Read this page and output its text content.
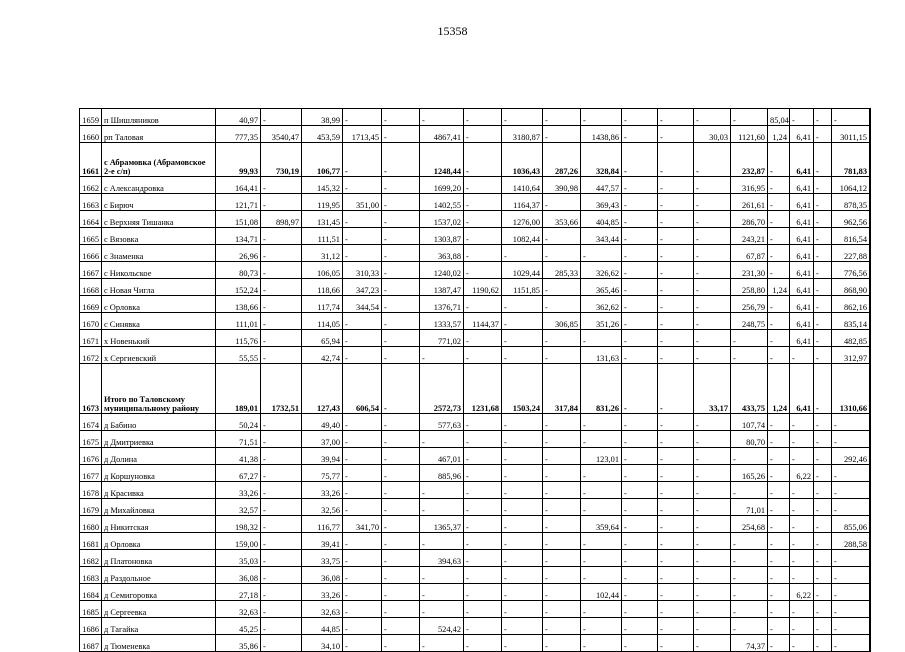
15358
1659	п Шишляников	40,97	-	38,99	-	-	-	-	-	-	-	-	-	-	-	85,04	-	-	-	
1660	рп Таловая	777,35	3540,47	453,59	1713,45	-	4867,41	-	3180,87	-	1438,86	-	-	30,03	1121,60	1,24	6,41	-	3011,15	
1661	с Абрамовка (Абрамовское 2-е с/п)	99,93	730,19	106,77	-	-	1248,44	-	1036,43	287,26	328,84	-	-	-	232,87	-	6,41	-	781,83	
1662	с Александровка	164,41	-	145,32	-	-	1699,20	-	1410,64	390,98	447,57	-	-	-	316,95	-	6,41	-	1064,12	
1663	с Бирюч	121,71	-	119,95	351,00	-	1402,55	-	1164,37	-	369,43	-	-	-	261,61	-	6,41	-	878,35	
1664	с Верхняя Тишанка	151,08	898,97	131,45	-	-	1537,02	-	1276,00	353,66	404,85	-	-	-	286,70	-	6,41	-	962,56	
1665	с Вязовка	134,71	-	111,51	-	-	1303,87	-	1082,44	-	343,44	-	-	-	243,21	-	6,41	-	816,54	
1666	с Знаменка	26,96	-	31,12	-	-	363,88	-	-	-	-	-	-	-	67,87	-	6,41	-	227,88	
1667	с Никольское	80,73	-	106,05	310,33	-	1240,02	-	1029,44	285,33	326,62	-	-	-	231,30	-	6,41	-	776,56	
1668	с Новая Чигла	152,24	-	118,66	347,23	-	1387,47	1190,62	1151,85	-	365,46	-	-	-	258,80	1,24	6,41	-	868,90	
1669	с Орловка	138,66	-	117,74	344,54	-	1376,71	-	-	-	362,62	-	-	-	256,79	-	6,41	-	862,16	
1670	с Синявка	111,01	-	114,05	-	-	1333,57	1144,37	-	306,85	351,26	-	-	-	248,75	-	6,41	-	835,14	
1671	х Новенький	115,76	-	65,94	-	-	771,02	-	-	-	-	-	-	-	-	-	6,41	-	482,85	
1672	х Сергиевский	55,55	-	42,74	-	-	-	-	-	-	131,63	-	-	-	-	-	-	-	312,97	
1673	Итого по Таловскому муниципальному району	189,01	1732,51	127,43	606,54	-	2572,73	1231,68	1503,24	317,84	831,26	-	-	33,17	433,75	1,24	6,41	-	1310,66	
1674	д Бабино	50,24	-	49,40	-	-	577,63	-	-	-	-	-	-	-	107,74	-	-	-	-	
1675	д Дмитриевка	71,51	-	37,00	-	-	-	-	-	-	-	-	-	-	80,70	-	-	-	-	
1676	д Долина	41,38	-	39,94	-	-	467,01	-	-	-	123,01	-	-	-	-	-	-	-	292,46	
1677	д Коршуновка	67,27	-	75,77	-	-	885,96	-	-	-	-	-	-	-	165,26	-	6,22	-	-	
1678	д Красивка	33,26	-	33,26	-	-	-	-	-	-	-	-	-	-	-	-	-	-	-	
1679	д Михайловка	32,57	-	32,56	-	-	-	-	-	-	-	-	-	-	71,01	-	-	-	-	
1680	д Никитская	198,32	-	116,77	341,70	-	1365,37	-	-	-	359,64	-	-	-	254,68	-	-	-	855,06	
1681	д Орловка	159,00	-	39,41	-	-	-	-	-	-	-	-	-	-	-	-	-	-	288,58	
1682	д Платоновка	35,03	-	33,75	-	-	394,63	-	-	-	-	-	-	-	-	-	-	-	-	
1683	д Раздольное	36,08	-	36,08	-	-	-	-	-	-	-	-	-	-	-	-	-	-	-	
1684	д Семигоровка	27,18	-	33,26	-	-	-	-	-	-	102,44	-	-	-	-	-	6,22	-	-	
1685	д Сергеевка	32,63	-	32,63	-	-	-	-	-	-	-	-	-	-	-	-	-	-	-	
1686	д Тагайка	45,25	-	44,85	-	-	524,42	-	-	-	-	-	-	-	-	-	-	-	-	
1687	д Тюменевка	35,86	-	34,10	-	-	-	-	-	-	-	-	-	-	74,37	-	-	-	-	
